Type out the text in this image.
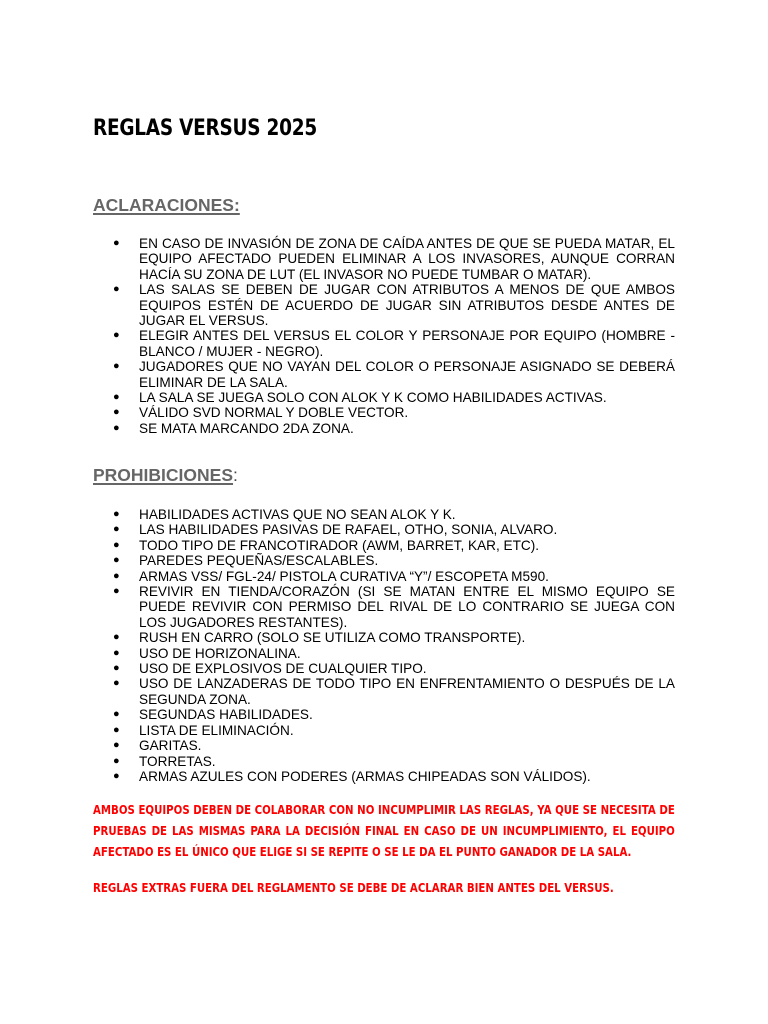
REGLAS VERSUS 2025
ACLARACIONES:
● EN CASO DE INVASIÓN DE ZONA DE CAÍDA ANTES DE QUE SE PUEDA MATAR, EL EQUIPO AFECTADO PUEDEN ELIMINAR A LOS INVASORES, AUNQUE CORRAN HACÍA SU ZONA DE LUT (EL INVASOR NO PUEDE TUMBAR O MATAR).
● LAS SALAS SE DEBEN DE JUGAR CON ATRIBUTOS A MENOS DE QUE AMBOS EQUIPOS ESTÉN DE ACUERDO DE JUGAR SIN ATRIBUTOS DESDE ANTES DE JUGAR EL VERSUS.
● ELEGIR ANTES DEL VERSUS EL COLOR Y PERSONAJE POR EQUIPO (HOMBRE - BLANCO / MUJER - NEGRO).
● JUGADORES QUE NO VAYAN DEL COLOR O PERSONAJE ASIGNADO SE DEBERÁ ELIMINAR DE LA SALA.
● LA SALA SE JUEGA SOLO CON ALOK Y K COMO HABILIDADES ACTIVAS.
● VÁLIDO SVD NORMAL Y DOBLE VECTOR.
● SE MATA MARCANDO 2DA ZONA.
PROHIBICIONES:
● HABILIDADES ACTIVAS QUE NO SEAN ALOK Y K.
● LAS HABILIDADES PASIVAS DE RAFAEL, OTHO, SONIA, ALVARO.
● TODO TIPO DE FRANCOTIRADOR (AWM, BARRET, KAR, ETC).
● PAREDES PEQUEÑAS/ESCALABLES.
● ARMAS VSS/ FGL-24/ PISTOLA CURATIVA “Y”/ ESCOPETA M590.
● REVIVIR EN TIENDA/CORAZÓN (SI SE MATAN ENTRE EL MISMO EQUIPO SE PUEDE REVIVIR CON PERMISO DEL RIVAL DE LO CONTRARIO SE JUEGA CON LOS JUGADORES RESTANTES).
● RUSH EN CARRO (SOLO SE UTILIZA COMO TRANSPORTE).
● USO DE HORIZONALINA.
● USO DE EXPLOSIVOS DE CUALQUIER TIPO.
● USO DE LANZADERAS DE TODO TIPO EN ENFRENTAMIENTO O DESPUÉS DE LA SEGUNDA ZONA.
● SEGUNDAS HABILIDADES.
● LISTA DE ELIMINACIÓN.
● GARITAS.
● TORRETAS.
● ARMAS AZULES CON PODERES (ARMAS CHIPEADAS SON VÁLIDOS).

AMBOS EQUIPOS DEBEN DE COLABORAR CON NO INCUMPLIMIR LAS REGLAS, YA QUE SE NECESITA DE PRUEBAS DE LAS MISMAS PARA LA DECISIÓN FINAL EN CASO DE UN INCUMPLIMIENTO, EL EQUIPO AFECTADO ES EL ÚNICO QUE ELIGE SI SE REPITE O SE LE DA EL PUNTO GANADOR DE LA SALA.

REGLAS EXTRAS FUERA DEL REGLAMENTO SE DEBE DE ACLARAR BIEN ANTES DEL VERSUS.
